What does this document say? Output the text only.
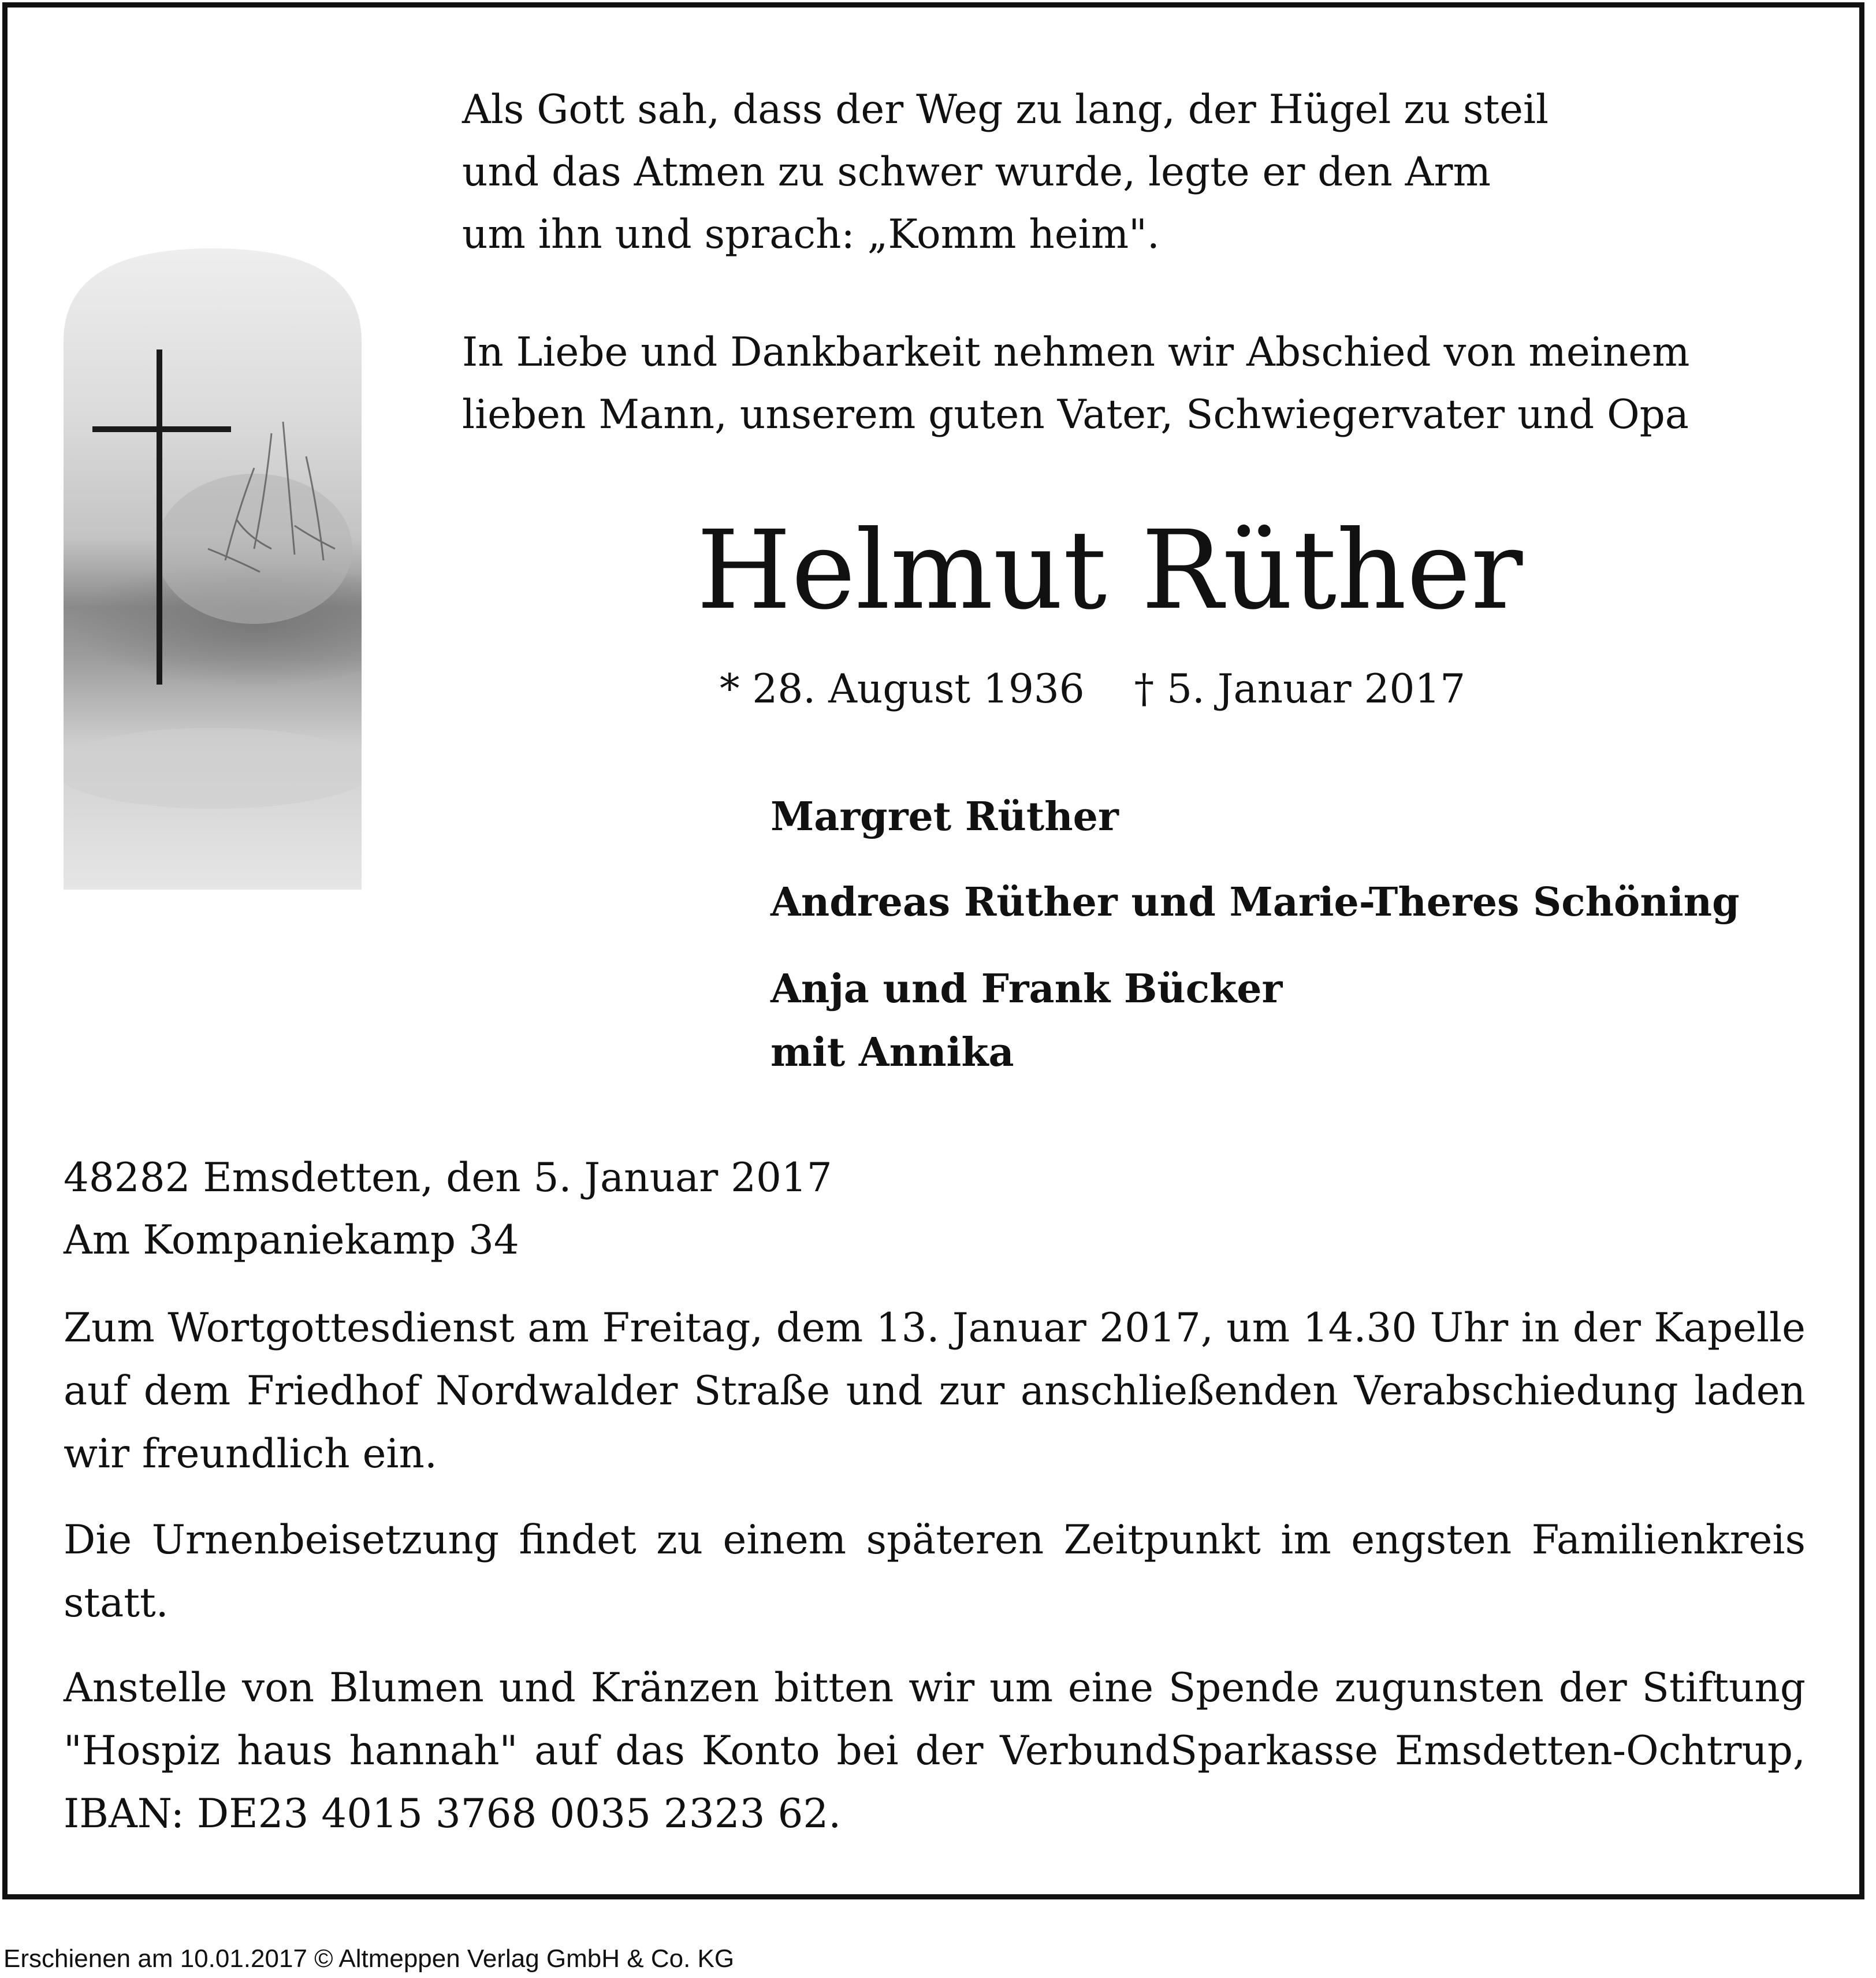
Als Gott sah, dass der Weg zu lang, der Hügel zu steil
und das Atmen zu schwer wurde, legte er den Arm
um ihn und sprach: „Komm heim".
In Liebe und Dankbarkeit nehmen wir Abschied von meinem
lieben Mann, unserem guten Vater, Schwiegervater und Opa
Helmut Rüther
* 28. August 1936 † 5. Januar 2017
Margret Rüther
Andreas Rüther und Marie-Theres Schöning
Anja und Frank Bücker
mit Annika
48282 Emsdetten, den 5. Januar 2017
Am Kompaniekamp 34
Zum Wortgottesdienst am Freitag, dem 13. Januar 2017, um 14.30 Uhr in der Kapelle auf dem Friedhof Nordwalder Straße und zur anschließenden Verabschiedung laden wir freundlich ein.
Die Urnenbeisetzung findet zu einem späteren Zeitpunkt im engsten Familienkreis statt.
Anstelle von Blumen und Kränzen bitten wir um eine Spende zugunsten der Stiftung "Hospiz haus hannah" auf das Konto bei der VerbundSparkasse Emsdetten-Ochtrup, IBAN: DE23 4015 3768 0035 2323 62.
Erschienen am 10.01.2017 © Altmeppen Verlag GmbH & Co. KG
